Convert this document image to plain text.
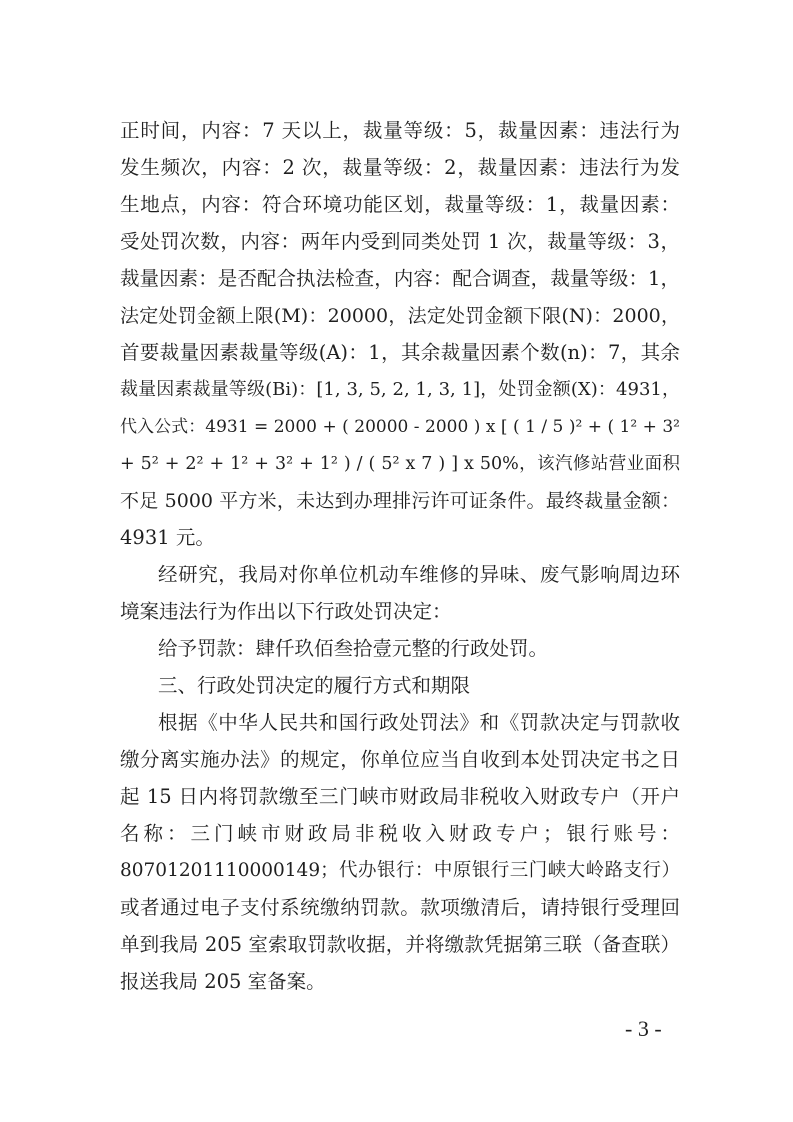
正时间，内容：7 天以上，裁量等级：5，裁量因素：违法行为
发生频次，内容：2 次，裁量等级：2，裁量因素：违法行为发
生地点，内容：符合环境功能区划，裁量等级：1，裁量因素：
受处罚次数，内容：两年内受到同类处罚 1 次，裁量等级：3，
裁量因素：是否配合执法检查，内容：配合调查，裁量等级：1，
法定处罚金额上限(M)：20000，法定处罚金额下限(N)：2000，
首要裁量因素裁量等级(A)：1，其余裁量因素个数(n)：7，其余
裁量因素裁量等级(Bi)：[1, 3, 5, 2, 1, 3, 1]，处罚金额(X)：4931，
代入公式：4931 = 2000 + ( 20000 - 2000 ) x [ ( 1 / 5 )² + ( 1² + 3²
+ 5² + 2² + 1² + 3² + 1² ) / ( 5² x 7 ) ] x 50%，该汽修站营业面积
不足 5000 平方米，未达到办理排污许可证条件。最终裁量金额：
4931 元。
经研究，我局对你单位机动车维修的异味、废气影响周边环
境案违法行为作出以下行政处罚决定：
给予罚款：肆仟玖佰叁拾壹元整的行政处罚。
三、行政处罚决定的履行方式和期限
根据《中华人民共和国行政处罚法》和《罚款决定与罚款收
缴分离实施办法》的规定，你单位应当自收到本处罚决定书之日
起 15 日内将罚款缴至三门峡市财政局非税收入财政专户（开户
名称：三门峡市财政局非税收入财政专户；银行账号：
80701201110000149；代办银行：中原银行三门峡大岭路支行）
或者通过电子支付系统缴纳罚款。款项缴清后，请持银行受理回
单到我局 205 室索取罚款收据，并将缴款凭据第三联（备查联）
报送我局 205 室备案。
- 3 -
